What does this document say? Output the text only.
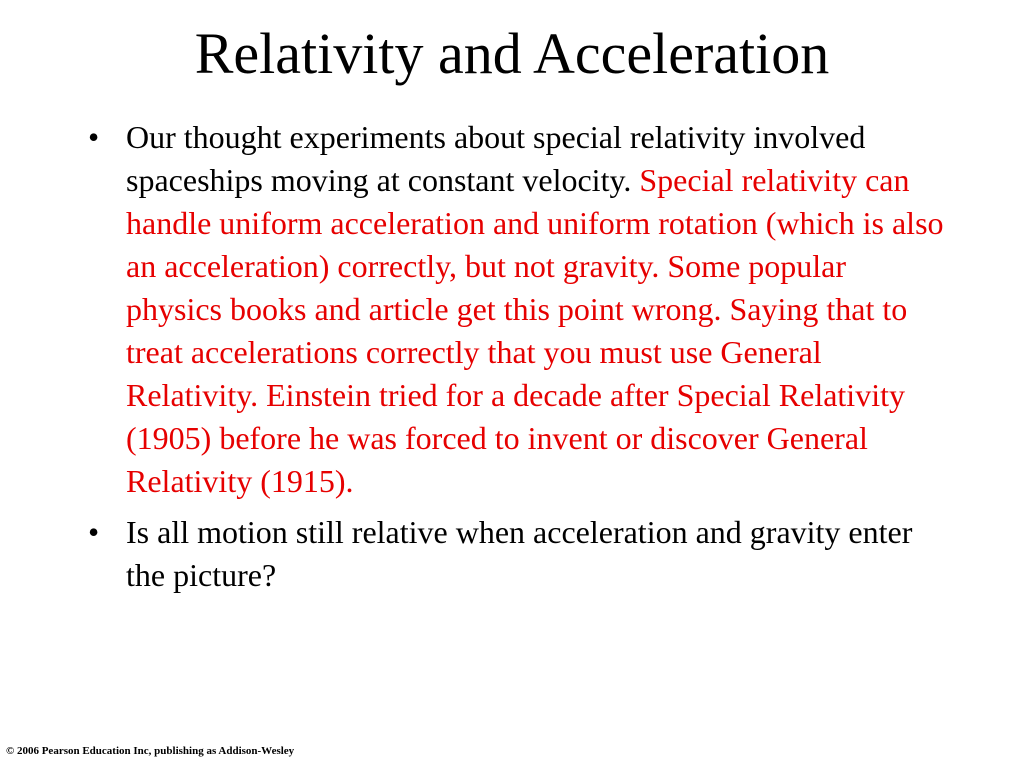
Relativity and Acceleration
• Our thought experiments about special relativity involved spaceships moving at constant velocity. Special relativity can handle uniform acceleration and uniform rotation (which is also an acceleration) correctly, but not gravity. Some popular physics books and article get this point wrong. Saying that to treat accelerations correctly that you must use General Relativity. Einstein tried for a decade after Special Relativity (1905) before he was forced to invent or discover General Relativity (1915).
• Is all motion still relative when acceleration and gravity enter the picture?
© 2006 Pearson Education Inc, publishing as Addison-Wesley
